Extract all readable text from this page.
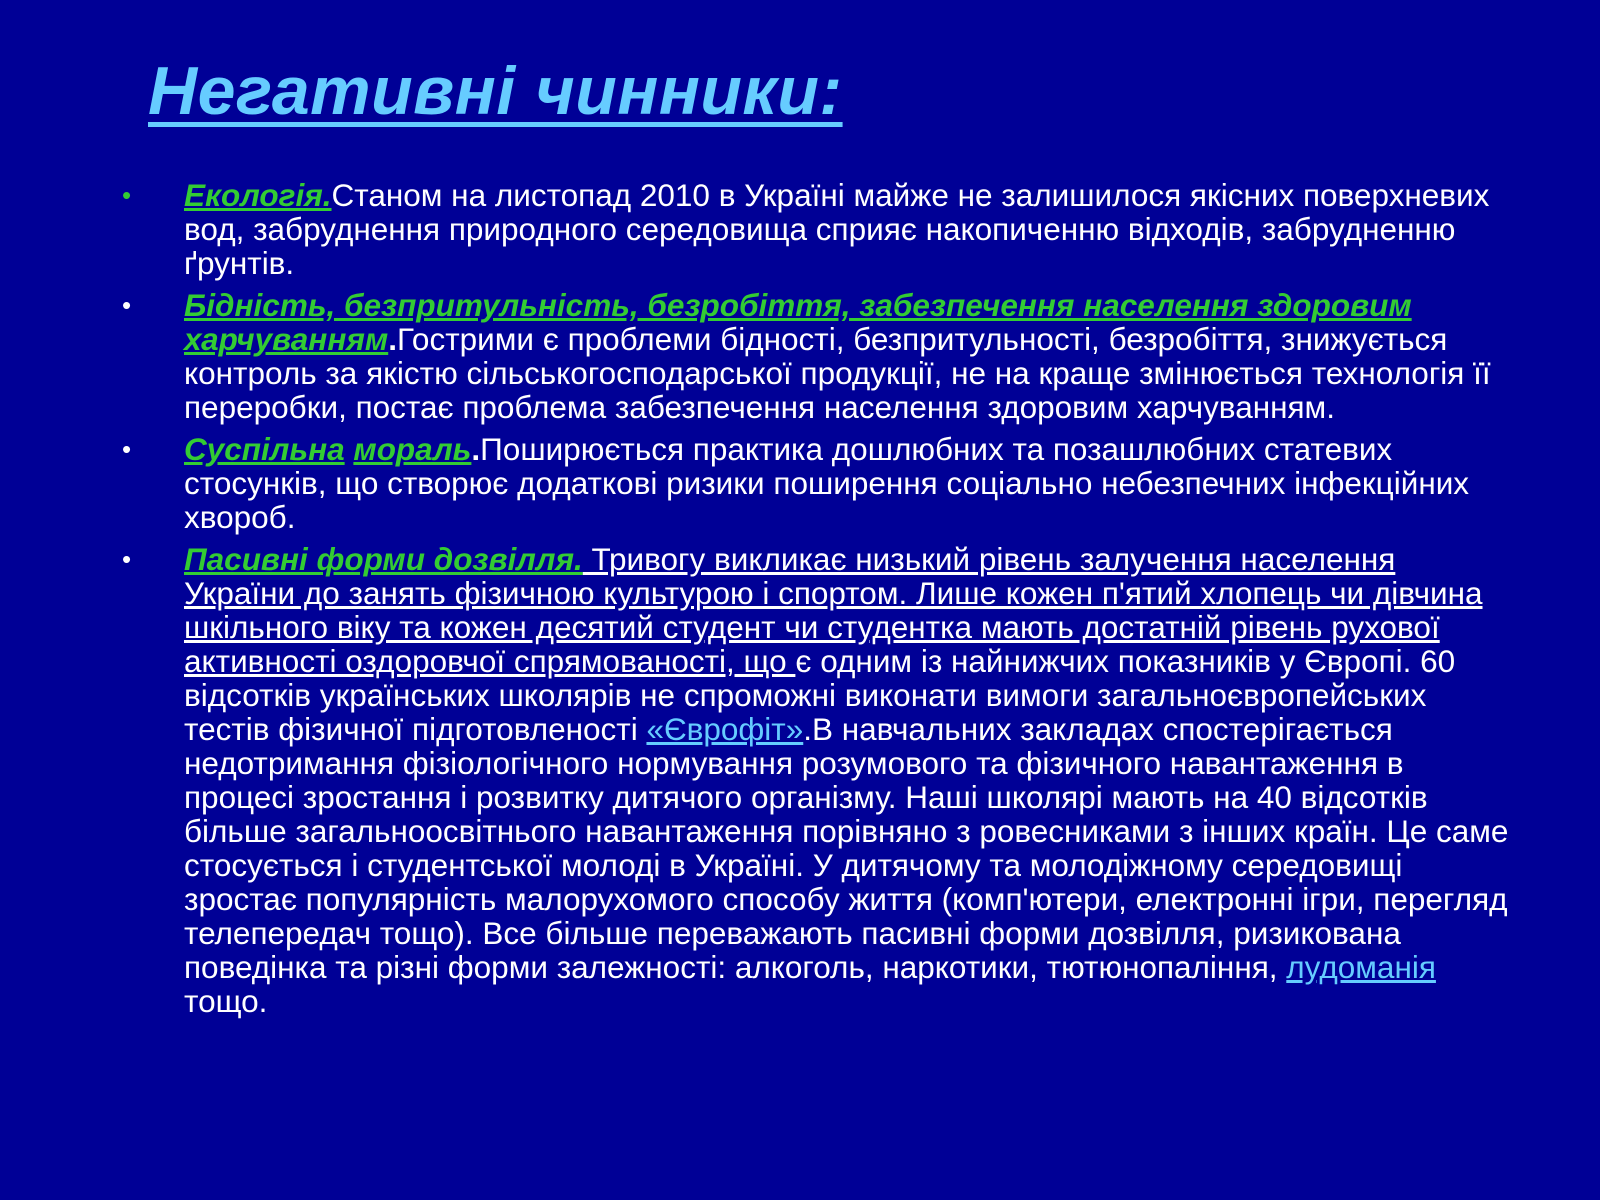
Негативні чинники:
•	Екологія.Станом на листопад 2010 в Україні майже не залишилося якісних поверхневих вод, забруднення природного середовища сприяє накопиченню відходів, забрудненню ґрунтів.
•	Бідність, безпритульність, безробіття, забезпечення населення здоровим харчуванням.Гострими є проблеми бідності, безпритульності, безробіття, знижується контроль за якістю сільськогосподарської продукції, не на краще змінюється технологія її переробки, постає проблема забезпечення населення здоровим харчуванням.
•	Суспільна мораль.Поширюється практика дошлюбних та позашлюбних статевих стосунків, що створює додаткові ризики поширення соціально небезпечних інфекційних хвороб.
•	Пасивні форми дозвілля. Тривогу викликає низький рівень залучення населення України до занять фізичною культурою і спортом. Лише кожен п'ятий хлопець чи дівчина шкільного віку та кожен десятий студент чи студентка мають достатній рівень рухової активності оздоровчої спрямованості, що є одним із найнижчих показників у Європі. 60 відсотків українських школярів не спроможні виконати вимоги загальноєвропейських тестів фізичної підготовленості «Єврофіт».В навчальних закладах спостерігається недотримання фізіологічного нормування розумового та фізичного навантаження в процесі зростання і розвитку дитячого організму. Наші школярі мають на 40 відсотків більше загальноосвітнього навантаження порівняно з ровесниками з інших країн. Це саме стосується і студентської молоді в Україні. У дитячому та молодіжному середовищі зростає популярність малорухомого способу життя (комп'ютери, електронні ігри, перегляд телепередач тощо). Все більше переважають пасивні форми дозвілля, ризикована поведінка та різні форми залежності: алкоголь, наркотики, тютюнопаління, лудоманія тощо.
